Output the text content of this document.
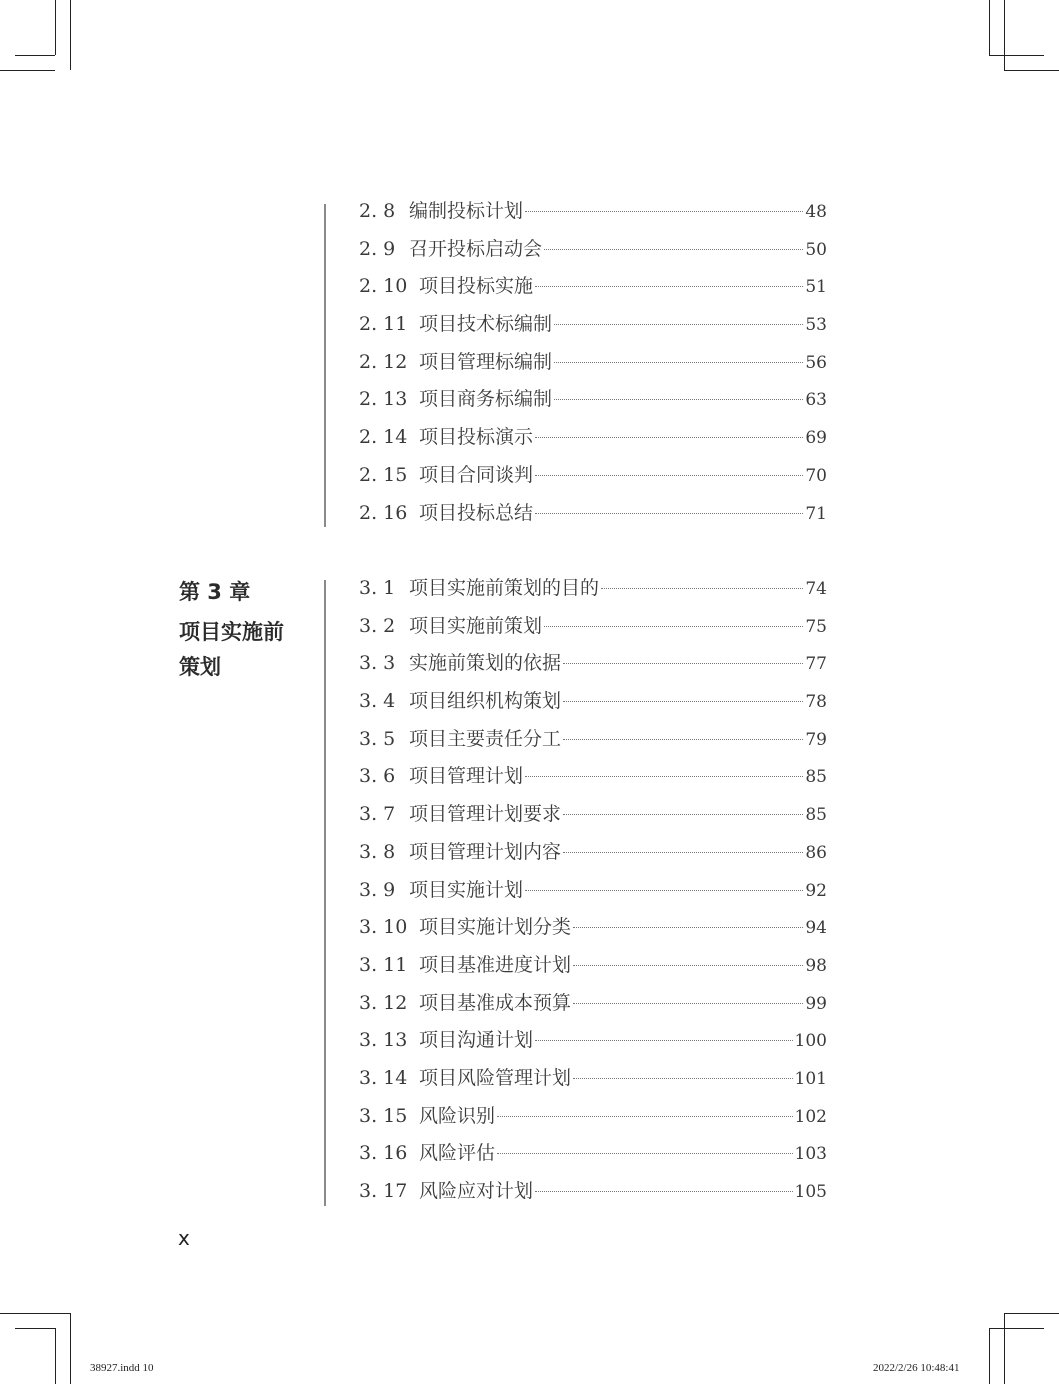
第 3 章
项目实施前
策划
2. 8 编制投标计划	48
2. 9 召开投标启动会	50
2. 10 项目投标实施	51
2. 11 项目技术标编制	53
2. 12 项目管理标编制	56
2. 13 项目商务标编制	63
2. 14 项目投标演示	69
2. 15 项目合同谈判	70
2. 16 项目投标总结	71
3. 1 项目实施前策划的目的	74
3. 2 项目实施前策划	75
3. 3 实施前策划的依据	77
3. 4 项目组织机构策划	78
3. 5 项目主要责任分工	79
3. 6 项目管理计划	85
3. 7 项目管理计划要求	85
3. 8 项目管理计划内容	86
3. 9 项目实施计划	92
3. 10 项目实施计划分类	94
3. 11 项目基准进度计划	98
3. 12 项目基准成本预算	99
3. 13 项目沟通计划	100
3. 14 项目风险管理计划	101
3. 15 风险识别	102
3. 16 风险评估	103
3. 17 风险应对计划	105
x
38927.indd 10	2022/2/26 10:48:41
